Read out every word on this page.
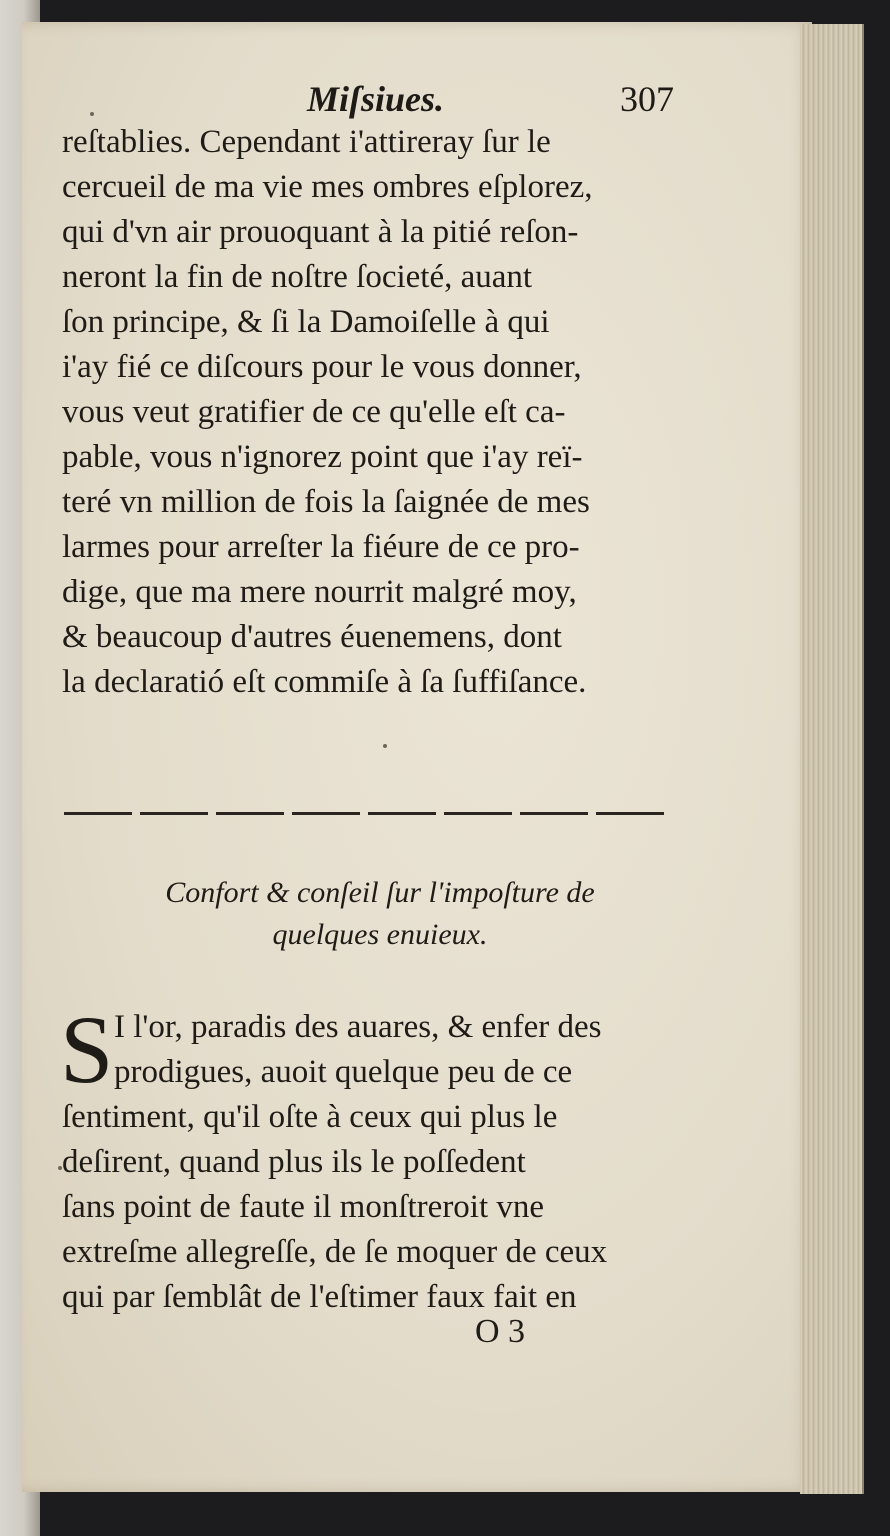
Miſsiues.	307
reſtablies. Cependant i'attireray ſur le
cercueil de ma vie mes ombres eſplorez,
qui d'vn air prouoquant à la pitié reſon-
neront la fin de noſtre ſocieté, auant
ſon principe, & ſi la Damoiſelle à qui
i'ay fié ce diſcours pour le vous donner,
vous veut gratifier de ce qu'elle eſt ca-
pable, vous n'ignorez point que i'ay reï-
teré vn million de fois la ſaignée de mes
larmes pour arreſter la fiéure de ce pro-
dige, que ma mere nourrit malgré moy,
& beaucoup d'autres éuenemens, dont
la declaratió eſt commiſe à ſa ſuffiſance.
Confort & conſeil ſur l'impoſture de
quelques enuieux.
S I l'or, paradis des auares, & enfer des
prodigues, auoit quelque peu de ce
ſentiment, qu'il oſte à ceux qui plus le
deſirent, quand plus ils le poſſedent
ſans point de faute il monſtreroit vne
extreſme allegreſſe, de ſe moquer de ceux
qui par ſemblât de l'eſtimer faux fait en
O 3
